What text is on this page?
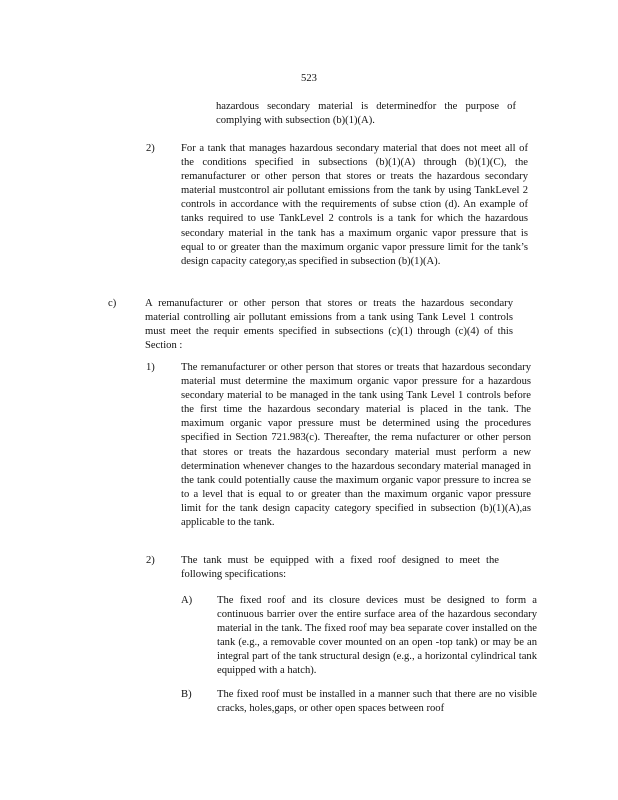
523
hazardous secondary material is determinedfor the purpose of complying with subsection (b)(1)(A).
2) For a tank that manages hazardous secondary material that does not meet all of the conditions specified in subsections (b)(1)(A) through (b)(1)(C), the remanufacturer or other person that stores or treats the hazardous secondary material mustcontrol air pollutant emissions from the tank by using TankLevel 2 controls in accordance with the requirements of subse ction (d). An example of tanks required to use TankLevel 2 controls is a tank for which the hazardous secondary material in the tank has a maximum organic vapor pressure that is equal to or greater than the maximum organic vapor pressure limit for the tank’s design capacity category,as specified in subsection (b)(1)(A).
c)	A remanufacturer or other person that stores or treats the hazardous secondary material controlling air pollutant emissions from a tank using Tank Level 1 controls must meet the requir ements specified in subsections (c)(1) through (c)(4) of this Section :
1) The remanufacturer or other person that stores or treats that hazardous secondary material must determine the maximum organic vapor pressure for a hazardous secondary material to be managed in the tank using Tank Level 1 controls before the first time the hazardous secondary material is placed in the tank. The maximum organic vapor pressure must be determined using the procedures specified in Section 721.983(c). Thereafter, the rema nufacturer or other person that stores or treats the hazardous secondary material must perform a new determination whenever changes to the hazardous secondary material managed in the tank could potentially cause the maximum organic vapor pressure to increa se to a level that is equal to or greater than the maximum organic vapor pressure limit for the tank design capacity category specified in subsection (b)(1)(A),as applicable to the tank.
2) The tank must be equipped with a fixed roof designed to meet the following specifications:
A) The fixed roof and its closure devices must be designed to form a continuous barrier over the entire surface area of the hazardous secondary material in the tank. The fixed roof may bea separate cover installed on the tank (e.g., a removable cover mounted on an open -top tank) or may be an integral part of the tank structural design (e.g., a horizontal cylindrical tank equipped with a hatch).
B) The fixed roof must be installed in a manner such that there are no visible cracks, holes,gaps, or other open spaces between roof
